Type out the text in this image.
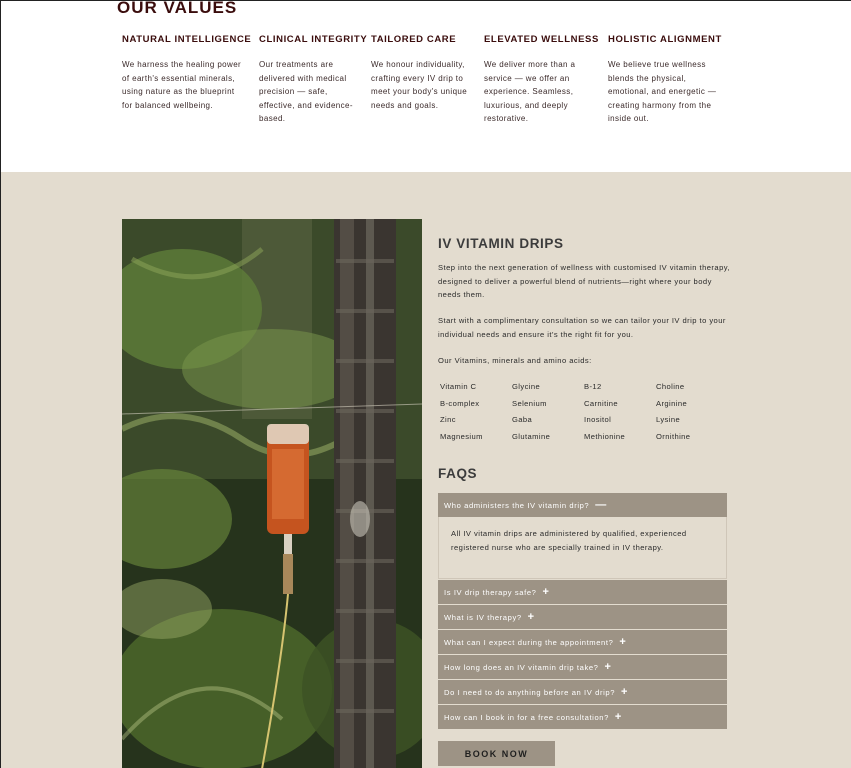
OUR VALUES
NATURAL INTELLIGENCE
We harness the healing power
of earth's essential minerals,
using nature as the blueprint
for balanced wellbeing.
CLINICAL INTEGRITY
Our treatments are
delivered with medical
precision — safe,
effective, and evidence-
based.
TAILORED CARE
We honour individuality,
crafting every IV drip to
meet your body's unique
needs and goals.
ELEVATED WELLNESS
We deliver more than a
service — we offer an
experience. Seamless,
luxurious, and deeply
restorative.
HOLISTIC ALIGNMENT
We believe true wellness
blends the physical,
emotional, and energetic —
creating harmony from the
inside out.
IV VITAMIN DRIPS
Step into the next generation of wellness with customised IV vitamin therapy, designed to deliver a powerful blend of nutrients—right where your body needs them.
Start with a complimentary consultation so we can tailor your IV drip to your individual needs and ensure it's the right fit for you.
Our Vitamins, minerals and amino acids:
Vitamin C	Glycine	B-12	Choline
B-complex	Selenium	Carnitine	Arginine
Zinc	Gaba	Inositol	Lysine
Magnesium	Glutamine	Methionine	Ornithine
FAQS
Who administers the IV vitamin drip? —
All IV vitamin drips are administered by qualified, experienced registered nurse who are specially trained in IV therapy.
Is IV drip therapy safe? +
What is IV therapy? +
What can I expect during the appointment? +
How long does an IV vitamin drip take? +
Do I need to do anything before an IV drip? +
How can I book in for a free consultation? +
BOOK NOW
